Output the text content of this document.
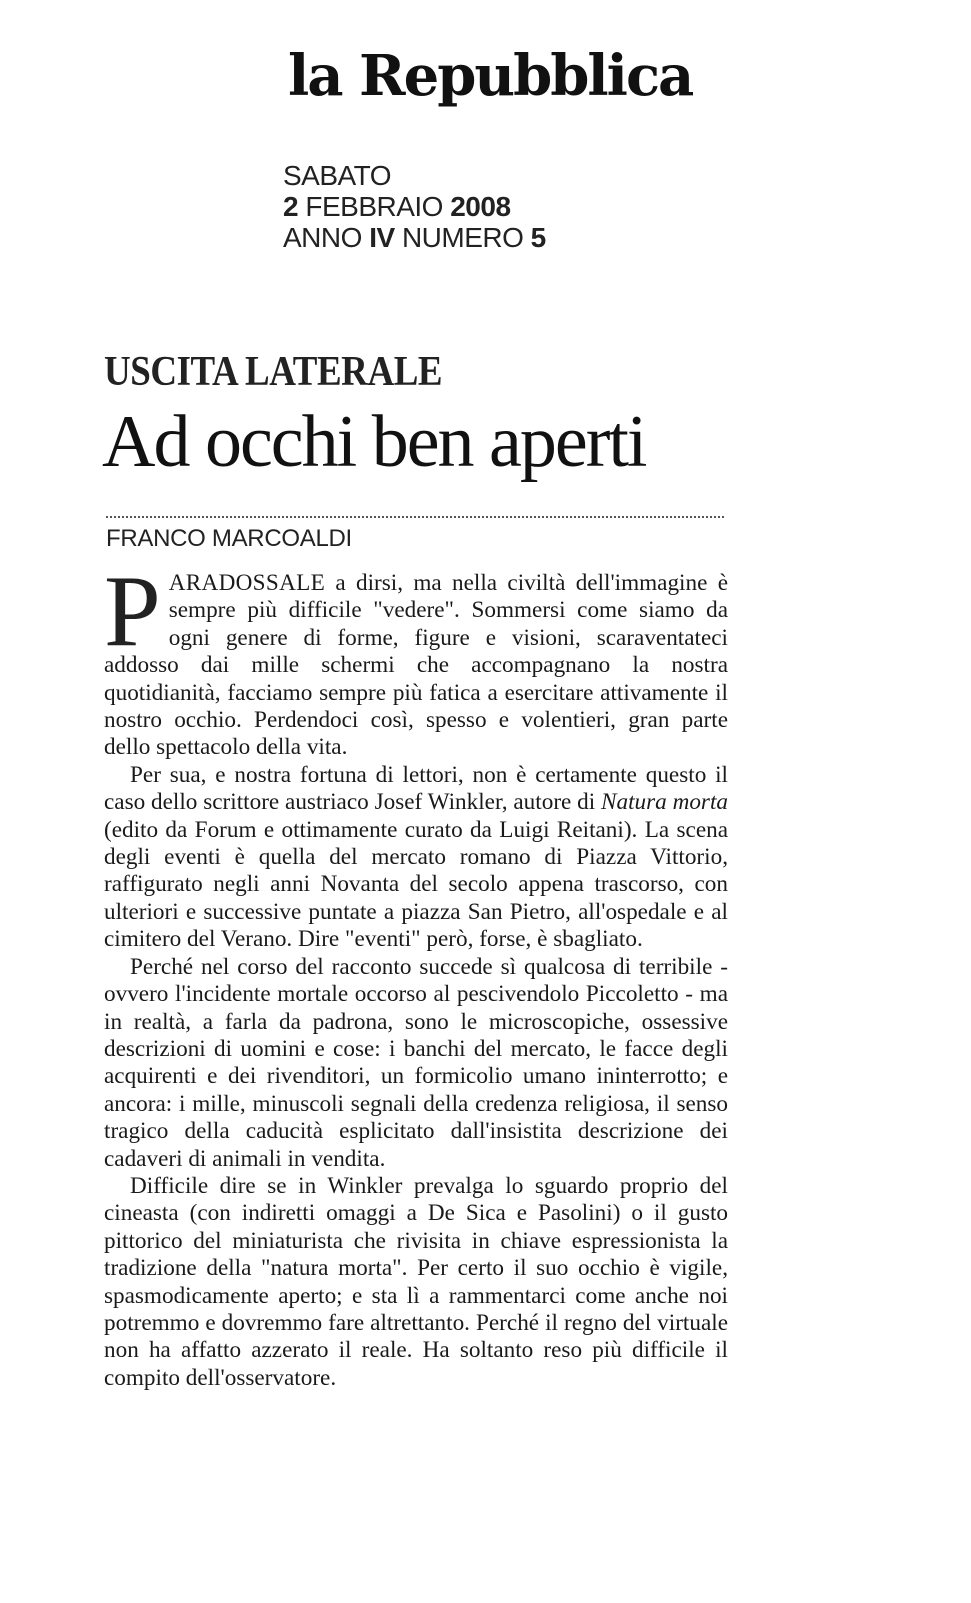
la Repubblica
SABATO
2 FEBBRAIO 2008
ANNO IV NUMERO 5
USCITA LATERALE
Ad occhi ben aperti
FRANCO MARCOALDI

PARADOSSALE a dirsi, ma nella civiltà dell'immagine è sempre più difficile "vedere". Sommersi come siamo da ogni genere di forme, figure e visioni, scaraventateci addosso dai mille schermi che accompagnano la nostra quotidianità, facciamo sempre più fatica a esercitare attivamente il nostro occhio. Perdendoci così, spesso e volentieri, gran parte dello spettacolo della vita.

Per sua, e nostra fortuna di lettori, non è certamente questo il caso dello scrittore austriaco Josef Winkler, autore di Natura morta (edito da Forum e ottimamente curato da Luigi Reitani). La scena degli eventi è quella del mercato romano di Piazza Vittorio, raffigurato negli anni Novanta del secolo appena trascorso, con ulteriori e successive puntate a piazza San Pietro, all'ospedale e al cimitero del Verano. Dire "eventi" però, forse, è sbagliato.

Perché nel corso del racconto succede sì qualcosa di terribile - ovvero l'incidente mortale occorso al pescivendolo Piccoletto - ma in realtà, a farla da padrona, sono le microscopiche, ossessive descrizioni di uomini e cose: i banchi del mercato, le facce degli acquirenti e dei rivenditori, un formicolio umano ininterrotto; e ancora: i mille, minuscoli segnali della credenza religiosa, il senso tragico della caducità esplicitato dall'insistita descrizione dei cadaveri di animali in vendita.

Difficile dire se in Winkler prevalga lo sguardo proprio del cineasta (con indiretti omaggi a De Sica e Pasolini) o il gusto pittorico del miniaturista che rivisita in chiave espressionista la tradizione della "natura morta". Per certo il suo occhio è vigile, spasmodicamente aperto; e sta lì a rammentarci come anche noi potremmo e dovremmo fare altrettanto. Perché il regno del virtuale non ha affatto azzerato il reale. Ha soltanto reso più difficile il compito dell'osservatore.
